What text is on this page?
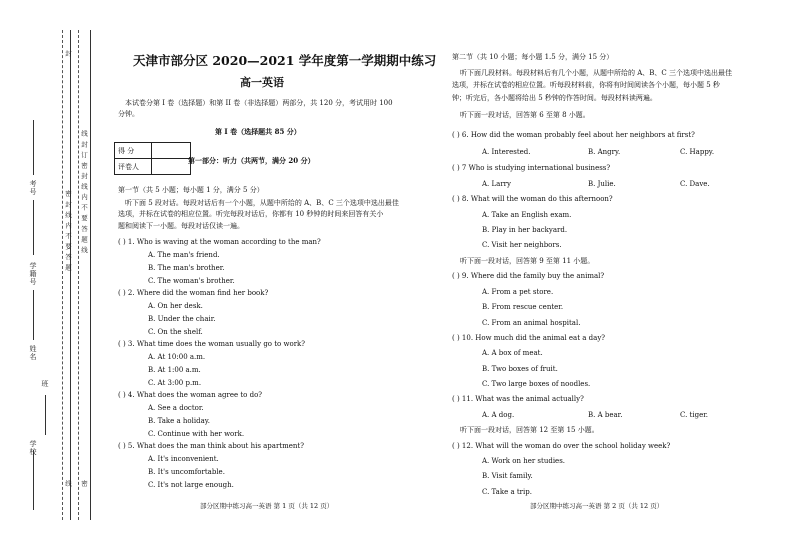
考号
学籍号
姓名
班
学校
密 封 线 内 不 要 答 题 线 封 订 密 封 线 内 不 要 答 题 线
线
封
密
天津市部分区 2020—2021 学年度第一学期期中练习
高一英语
本试卷分第 I 卷（选择题）和第 II 卷（非选择题）两部分，共 120 分，考试用时 100
分钟。
第 I 卷（选择题共 85 分）
得 分	
评卷人	
第一部分：听力（共两节，满分 20 分）
第一节（共 5 小题；每小题 1 分，满分 5 分）
听下面 5 段对话。每段对话后有一个小题，从题中所给的 A、B、C 三个选项中选出最佳
选项，并标在试卷的相应位置。听完每段对话后，你都有 10 秒钟的时间来回答有关小
题和阅读下一小题。每段对话仅读一遍。
( ) 1. Who is waving at the woman according to the man?
A. The man's friend.
B. The man's brother.
C. The woman's brother.
( ) 2. Where did the woman find her book?
A. On her desk.
B. Under the chair.
C. On the shelf.
( ) 3. What time does the woman usually go to work?
A. At 10:00 a.m.
B. At 1:00 a.m.
C. At 3:00 p.m.
( ) 4. What does the woman agree to do?
A. See a doctor.
B. Take a holiday.
C. Continue with her work.
( ) 5. What does the man think about his apartment?
A. It's inconvenient.
B. It's uncomfortable.
C. It's not large enough.
部分区期中练习高一英语 第 1 页（共 12 页）
第二节（共 10 小题；每小题 1.5 分，满分 15 分）
听下面几段材料。每段材料后有几个小题，从题中所给的 A、B、C 三个选项中选出最佳
选项，并标在试卷的相应位置。听每段材料前，你将有时间阅读各个小题，每小题 5 秒
钟；听完后，各小题将给出 5 秒钟的作答时间。每段材料读两遍。
听下面一段对话，回答第 6 至第 8 小题。
( ) 6. How did the woman probably feel about her neighbors at first?
A. Interested.	B. Angry.	C. Happy.
( ) 7 Who is studying international business?
A. Larry	B. Julie.	C. Dave.
( ) 8. What will the woman do this afternoon?
A. Take an English exam.
B. Play in her backyard.
C. Visit her neighbors.
听下面一段对话，回答第 9 至第 11 小题。
( ) 9. Where did the family buy the animal?
A. From a pet store.
B. From rescue center.
C. From an animal hospital.
( ) 10. How much did the animal eat a day?
A. A box of meat.
B. Two boxes of fruit.
C. Two large boxes of noodles.
( ) 11. What was the animal actually?
A. A dog.	B. A bear.	C. tiger.
听下面一段对话，回答第 12 至第 15 小题。
( ) 12. What will the woman do over the school holiday week?
A. Work on her studies.
B. Visit family.
C. Take a trip.
部分区期中练习高一英语 第 2 页（共 12 页）
